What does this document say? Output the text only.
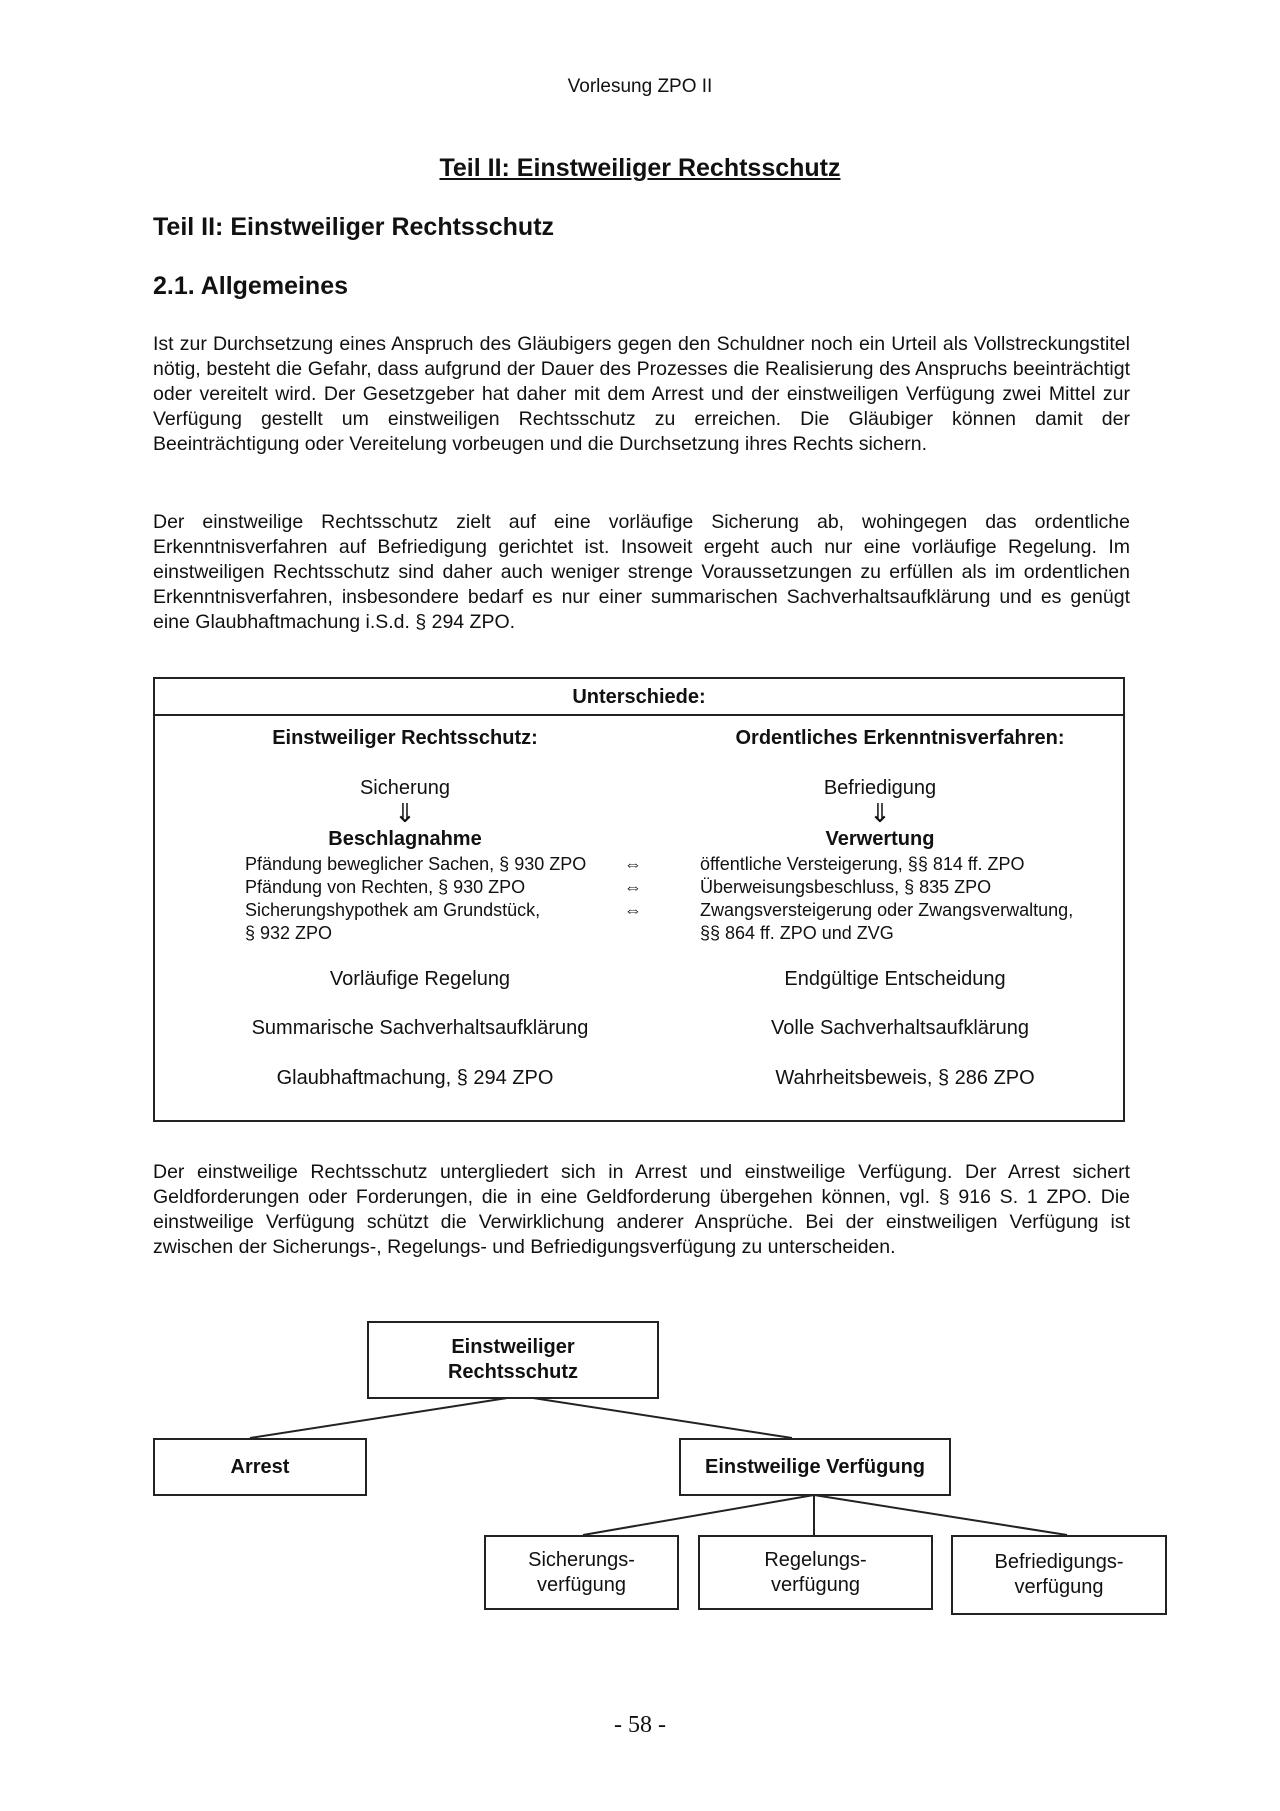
Vorlesung ZPO II
Teil II: Einstweiliger Rechtsschutz
Teil II: Einstweiliger Rechtsschutz
2.1. Allgemeines
Ist zur Durchsetzung eines Anspruch des Gläubigers gegen den Schuldner noch ein Urteil als Vollstreckungstitel nötig, besteht die Gefahr, dass aufgrund der Dauer des Prozesses die Realisierung des Anspruchs beeinträchtigt oder vereitelt wird. Der Gesetzgeber hat daher mit dem Arrest und der einstweiligen Verfügung zwei Mittel zur Verfügung gestellt um einstweiligen Rechtsschutz zu erreichen. Die Gläubiger können damit der Beeinträchtigung oder Vereitelung vorbeugen und die Durchsetzung ihres Rechts sichern.
Der einstweilige Rechtsschutz zielt auf eine vorläufige Sicherung ab, wohingegen das ordentliche Erkenntnisverfahren auf Befriedigung gerichtet ist. Insoweit ergeht auch nur eine vorläufige Regelung. Im einstweiligen Rechtsschutz sind daher auch weniger strenge Voraussetzungen zu erfüllen als im ordentlichen Erkenntnisverfahren, insbesondere bedarf es nur einer summarischen Sachverhaltsaufklärung und es genügt eine Glaubhaftmachung i.S.d. § 294 ZPO.
Unterschiede:
Einstweiliger Rechtsschutz:	Ordentliches Erkenntnisverfahren:
Sicherung	Befriedigung
⇓	⇓
Beschlagnahme	Verwertung
Pfändung beweglicher Sachen, § 930 ZPO ⇔	öffentliche Versteigerung, §§ 814 ff. ZPO
Pfändung von Rechten, § 930 ZPO	⇔	Überweisungsbeschluss, § 835 ZPO
Sicherungshypothek am Grundstück,	⇔	Zwangsversteigerung oder Zwangsverwaltung,
§ 932 ZPO	§§ 864 ff. ZPO und ZVG
Vorläufige Regelung	Endgültige Entscheidung
Summarische Sachverhaltsaufklärung	Volle Sachverhaltsaufklärung
Glaubhaftmachung, § 294 ZPO	Wahrheitsbeweis, § 286 ZPO
Der einstweilige Rechtsschutz untergliedert sich in Arrest und einstweilige Verfügung. Der Arrest sichert Geldforderungen oder Forderungen, die in eine Geldforderung übergehen können, vgl. § 916 S. 1 ZPO. Die einstweilige Verfügung schützt die Verwirklichung anderer Ansprüche. Bei der einstweiligen Verfügung ist zwischen der Sicherungs-, Regelungs- und Befriedigungsverfügung zu unterscheiden.
Einstweiliger Rechtsschutz
Arrest	Einstweilige Verfügung
Sicherungs-verfügung
Regelungs-verfügung
Befriedigungs-verfügung
- 58 -
